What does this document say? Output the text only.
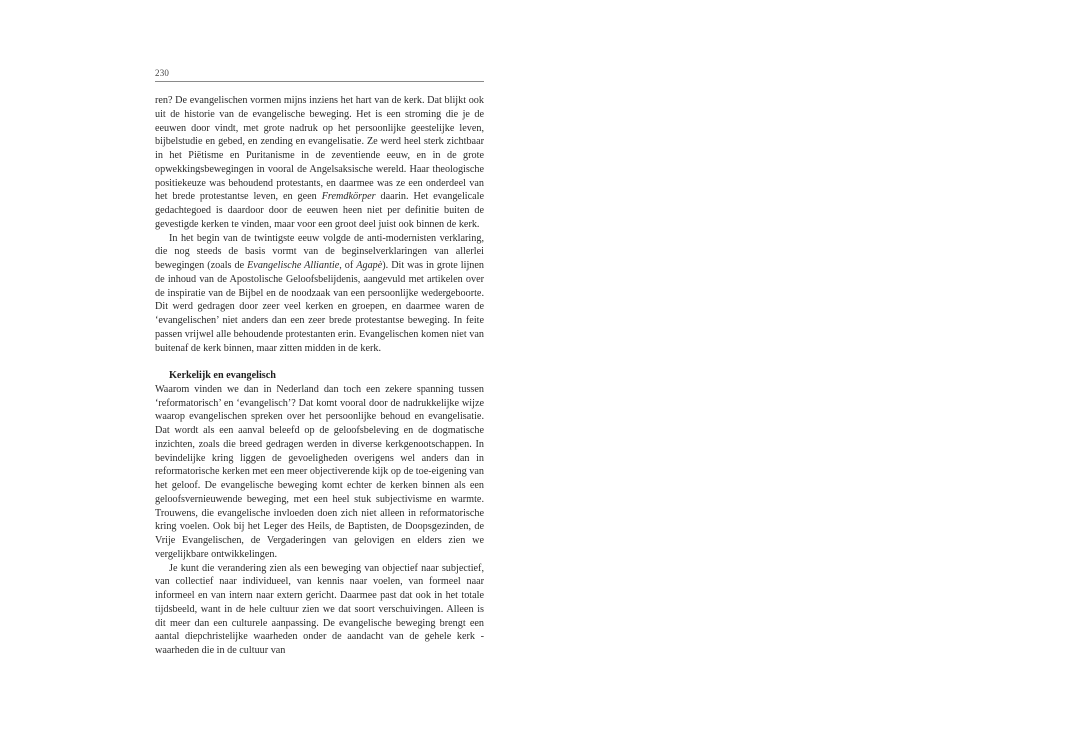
230

ren? De evangelischen vormen mijns inziens het hart van de kerk. Dat blijkt ook uit de historie van de evangelische beweging. Het is een stroming die je de eeuwen door vindt, met grote nadruk op het persoonlijke geestelijke leven, bijbelstudie en gebed, en zending en evangelisatie. Ze werd heel sterk zichtbaar in het Piëtisme en Puritanisme in de zeventiende eeuw, en in de grote opwekkingsbewegingen in vooral de Angelsaksische wereld. Haar theologische positiekeuze was behoudend protestants, en daarmee was ze een onderdeel van het brede protestantse leven, en geen Fremdkörper daarin. Het evangelicale gedachtegoed is daardoor door de eeuwen heen niet per definitie buiten de gevestigde kerken te vinden, maar voor een groot deel juist ook binnen de kerk.

In het begin van de twintigste eeuw volgde de anti-modernisten verklaring, die nog steeds de basis vormt van de beginselverklaringen van allerlei bewegingen (zoals de Evangelische Alliantie, of Agapè). Dit was in grote lijnen de inhoud van de Apostolische Geloofsbelijdenis, aangevuld met artikelen over de inspiratie van de Bijbel en de noodzaak van een persoonlijke wedergeboorte. Dit werd gedragen door zeer veel kerken en groepen, en daarmee waren de ‘evangelischen’ niet anders dan een zeer brede protestantse beweging. In feite passen vrijwel alle behoudende protestanten erin. Evangelischen komen niet van buitenaf de kerk binnen, maar zitten midden in de kerk.

Kerkelijk en evangelisch

Waarom vinden we dan in Nederland dan toch een zekere spanning tussen ‘reformatorisch’ en ‘evangelisch’? Dat komt vooral door de nadrukkelijke wijze waarop evangelischen spreken over het persoonlijke behoud en evangelisatie. Dat wordt als een aanval beleefd op de geloofsbeleving en de dogmatische inzichten, zoals die breed gedragen werden in diverse kerkgenootschappen. In bevindelijke kring liggen de gevoeligheden overigens wel anders dan in reformatorische kerken met een meer objectiverende kijk op de toe-eigening van het geloof. De evangelische beweging komt echter de kerken binnen als een geloofsvernieuwende beweging, met een heel stuk subjectivisme en warmte. Trouwens, die evangelische invloeden doen zich niet alleen in reformatorische kring voelen. Ook bij het Leger des Heils, de Baptisten, de Doopsgezinden, de Vrije Evangelischen, de Vergaderingen van gelovigen en elders zien we vergelijkbare ontwikkelingen.

Je kunt die verandering zien als een beweging van objectief naar subjectief, van collectief naar individueel, van kennis naar voelen, van formeel naar informeel en van intern naar extern gericht. Daarmee past dat ook in het totale tijdsbeeld, want in de hele cultuur zien we dat soort verschuivingen. Alleen is dit meer dan een culturele aanpassing. De evangelische beweging brengt een aantal diepchristelijke waarheden onder de aandacht van de gehele kerk - waarheden die in de cultuur van
